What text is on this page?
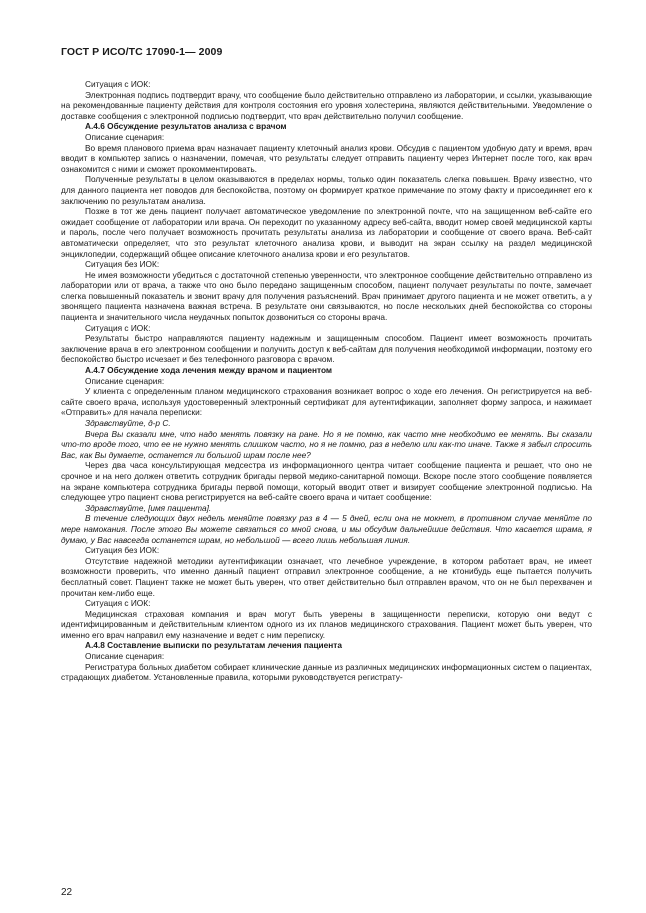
ГОСТ Р ИСО/ТС 17090-1— 2009
Ситуация с ИОК:

Электронная подпись подтвердит врачу, что сообщение было действительно отправлено из лаборатории, и ссылки, указывающие на рекомендованные пациенту действия для контроля состояния его уровня холестерина, являются действительными. Уведомление о доставке сообщения с электронной подписью подтвердит, что врач действительно получил сообщение.

А.4.6 Обсуждение результатов анализа с врачом
Описание сценария:

Во время планового приема врач назначает пациенту клеточный анализ крови. Обсудив с пациентом удобную дату и время, врач вводит в компьютер запись о назначении, помечая, что результаты следует отправить пациенту через Интернет после того, как врач ознакомится с ними и сможет прокомментировать.

Полученные результаты в целом оказываются в пределах нормы, только один показатель слегка повышен. Врачу известно, что для данного пациента нет поводов для беспокойства, поэтому он формирует краткое примечание по этому факту и присоединяет его к заключению по результатам анализа.

Позже в тот же день пациент получает автоматическое уведомление по электронной почте, что на защищенном веб-сайте его ожидает сообщение от лаборатории или врача. Он переходит по указанному адресу веб-сайта, вводит номер своей медицинской карты и пароль, после чего получает возможность прочитать результаты анализа из лаборатории и сообщение от своего врача. Веб-сайт автоматически определяет, что это результат клеточного анализа крови, и выводит на экран ссылку на раздел медицинской энциклопедии, содержащий общее описание клеточного анализа крови и его результатов.

Ситуация без ИОК:

Не имея возможности убедиться с достаточной степенью уверенности, что электронное сообщение действительно отправлено из лаборатории или от врача, а также что оно было передано защищенным способом, пациент получает результаты по почте, замечает слегка повышенный показатель и звонит врачу для получения разъяснений. Врач принимает другого пациента и не может ответить, а у звонящего пациента назначена важная встреча. В результате они связываются, но после нескольких дней беспокойства со стороны пациента и значительного числа неудачных попыток дозвониться со стороны врача.

Ситуация с ИОК:

Результаты быстро направляются пациенту надежным и защищенным способом. Пациент имеет возможность прочитать заключение врача в его электронном сообщении и получить доступ к веб-сайтам для получения необходимой информации, поэтому его беспокойство быстро исчезает и без телефонного разговора с врачом.

А.4.7 Обсуждение хода лечения между врачом и пациентом
Описание сценария:

У клиента с определенным планом медицинского страхования возникает вопрос о ходе его лечения. Он регистрируется на веб-сайте своего врача, используя удостоверенный электронный сертификат для аутентификации, заполняет форму запроса, и нажимает «Отправить» для начала переписки:

Здравствуйте, д-р С.

Вчера Вы сказали мне, что надо менять повязку на ране. Но я не помню, как часто мне необходимо ее менять. Вы сказали что-то вроде того, что ее не нужно менять слишком часто, но я не помню, раз в неделю или как-то иначе. Также я забыл спросить Вас, как Вы думаете, останется ли большой шрам после нее?

Через два часа консультирующая медсестра из информационного центра читает сообщение пациента и решает, что оно не срочное и на него должен ответить сотрудник бригады первой медико-санитарной помощи. Вскоре после этого сообщение появляется на экране компьютера сотрудника бригады первой помощи, который вводит ответ и визирует сообщение электронной подписью. На следующее утро пациент снова регистрируется на веб-сайте своего врача и читает сообщение:

Здравствуйте, [имя пациента].

В течение следующих двух недель меняйте повязку раз в 4 — 5 дней, если она не мокнет, в противном случае меняйте по мере намокания. После этого Вы можете связаться со мной снова, и мы обсудим дальнейшие действия. Что касается шрама, я думаю, у Вас навсегда останется шрам, но небольшой — всего лишь небольшая линия.

Ситуация без ИОК:

Отсутствие надежной методики аутентификации означает, что лечебное учреждение, в котором работает врач, не имеет возможности проверить, что именно данный пациент отправил электронное сообщение, а не ктонибудь еще пытается получить бесплатный совет. Пациент также не может быть уверен, что ответ действительно был отправлен врачом, что он не был перехвачен и прочитан кем-либо еще.

Ситуация с ИОК:

Медицинская страховая компания и врач могут быть уверены в защищенности переписки, которую они ведут с идентифицированным и действительным клиентом одного из их планов медицинского страхования. Пациент может быть уверен, что именно его врач направил ему назначение и ведет с ним переписку.

А.4.8 Составление выписки по результатам лечения пациента
Описание сценария:

Регистратура больных диабетом собирает клинические данные из различных медицинских информационных систем о пациентах, страдающих диабетом. Установленные правила, которыми руководствуется регистрату-

22
